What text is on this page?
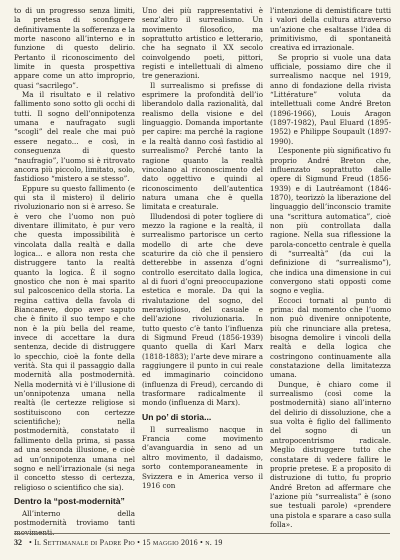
to di un progresso senza limiti, la pretesa di sconfiggere definitivamente la sofferenza e la morte nascono all’interno e in funzione di questo delirio. Pertanto il riconoscimento del limite in questa prospettiva appare come un atto improprio, quasi “sacrilego”.

Ma il risultato e il relativo fallimento sono sotto gli occhi di tutti. Il sogno dell’onnipotenza umana e naufragato sugli “scogli” del reale che mai può essere negato... e così, in conseguenza di questo “naufragio”, l’uomo si è ritrovato ancora più piccolo, limitato, solo, fastidioso “mistero a se stesso”.

Eppure su questo fallimento (e qui sta il mistero) il delirio rivoluzionario non si è arreso. Se è vero che l’uomo non può diventare illimitato, è pur vero che questa impossibilità è vincolata dalla realtà e dalla logica... e allora non resta che distruggere tanto la realtà quanto la logica. È il sogno gnostico che non è mai sparito sul palcoscenico della storia. La regina cattiva della favola di Biancaneve, dopo aver saputo che è finito il suo tempo e che non è la più bella del reame, invece di accettare la dura sentenza, decide di distruggere lo specchio, cioè la fonte della verità. Sta qui il passaggio dalla modernità alla postmodernità. Nella modernità vi è l’illusione di un’onnipotenza umana nella realtà (le certezze religiose si sostituiscono con certezze scientifiche); nella postmodernità, constatato il fallimento della prima, si passa ad una seconda illusione, e cioè ad un’onnipotenza umana nel sogno e nell’irrazionale (si nega il concetto stesso di certezza, religioso o scientifico che sia).

Dentro la “post-modernità”

All’interno della postmodernità troviamo tanti

Uno dei più rappresentativi è senz’altro il surrealismo. Un movimento filosofico, ma soprattutto artistico e letterario, che ha segnato il XX secolo coinvolgendo poeti, pittori, registi e intellettuali di almeno tre generazioni.

Il surrealismo si prefisse di esprimere la profondità dell’io liberandolo dalla razionalità, dal realismo della visione e del linguaggio. Domanda importante per capire: ma perché la ragione e la realtà danno così fastidio al surrealismo? Perché tanto la ragione quanto la realtà vincolano al riconoscimento del dato oggettivo e quindi al riconoscimento dell’autentica natura umana che è quella limitata e creaturale.

Illudendosi di poter togliere di mezzo la ragione e la realtà, il surrealismo partorisce un certo modello di arte che deve scaturire da ciò che il pensiero detterebbe in assenza d’ogni controllo esercitato dalla logica, al di fuori d’ogni preoccupazione estetica e morale. Da qui la rivalutazione del sogno, del meraviglioso, del casuale e dell’azione rivoluzionaria. In tutto questo c’è tanto l’influenza di Sigmund Freud (1856-1939) quanto quella di Karl Marx (1818-1883); l’arte deve mirare a raggiungere il punto in cui reale ed immaginario coincidono (influenza di Freud), cercando di trasformare radicalmente il mondo (influenza di Marx).

Un po’ di storia...

Il surrealismo nacque in Francia come movimento d’avanguardia in seno ad un altro movimento, il dadaismo, sorto contemporaneamente in Svizzera e in America verso il 1916 con

l’intenzione di demistificare tutti i valori della cultura attraverso un’azione che esaltasse l’idea di primitivismo, di spontaneità creativa ed irrazionale.

Se proprio si vuole una data ufficiale, possiamo dire che il surrealismo nacque nel 1919, anno di fondazione della rivista “Littérature” voluta da intellettuali come André Breton (1896-1966), Louis Aragon (1897-1982), Paul Eluard (1895-1952) e Philippe Soupault (1897-1990).

L’esponente più significativo fu proprio André Breton che, influenzato soprattutto dalle opere di Sigmund Freud (1856-1939) e di Lautréamont (1846-1870), teorizzò la liberazione del linguaggio dell’inconscio tramite una “scrittura automatica”, cioè non più controllata dalla ragione. Nella sua riflessione la parola-concetto centrale è quella di “surrealtà” (da cui la definizione di “surrealismo”), che indica una dimensione in cui convergono stati opposti come sogno e veglia.

Eccoci tornati al punto di prima: dal momento che l’uomo non può divenire onnipotente, più che rinunciare alla pretesa, bisogna demolire i vincoli della realtà e della logica che costringono continuamente alla constatazione della limitatezza umana.

Dunque, è chiaro come il surrealismo (così come la postmodernità) siano all’interno del delirio di dissoluzione, che a sua volta è figlio del fallimento del sogno di un antropocentrismo radicale. Meglio distruggere tutto che constatare di vedere fallire le proprie pretese. E a proposito di distruzione di tutto, fu proprio André Breton ad affermare che l’azione più “surrealista” è (sono sue testuali parole) «prendere una pistola e sparare a caso sulla folla».

32 • Il Settimanale di Padre Pio • 15 maggio 2016 • n. 19
